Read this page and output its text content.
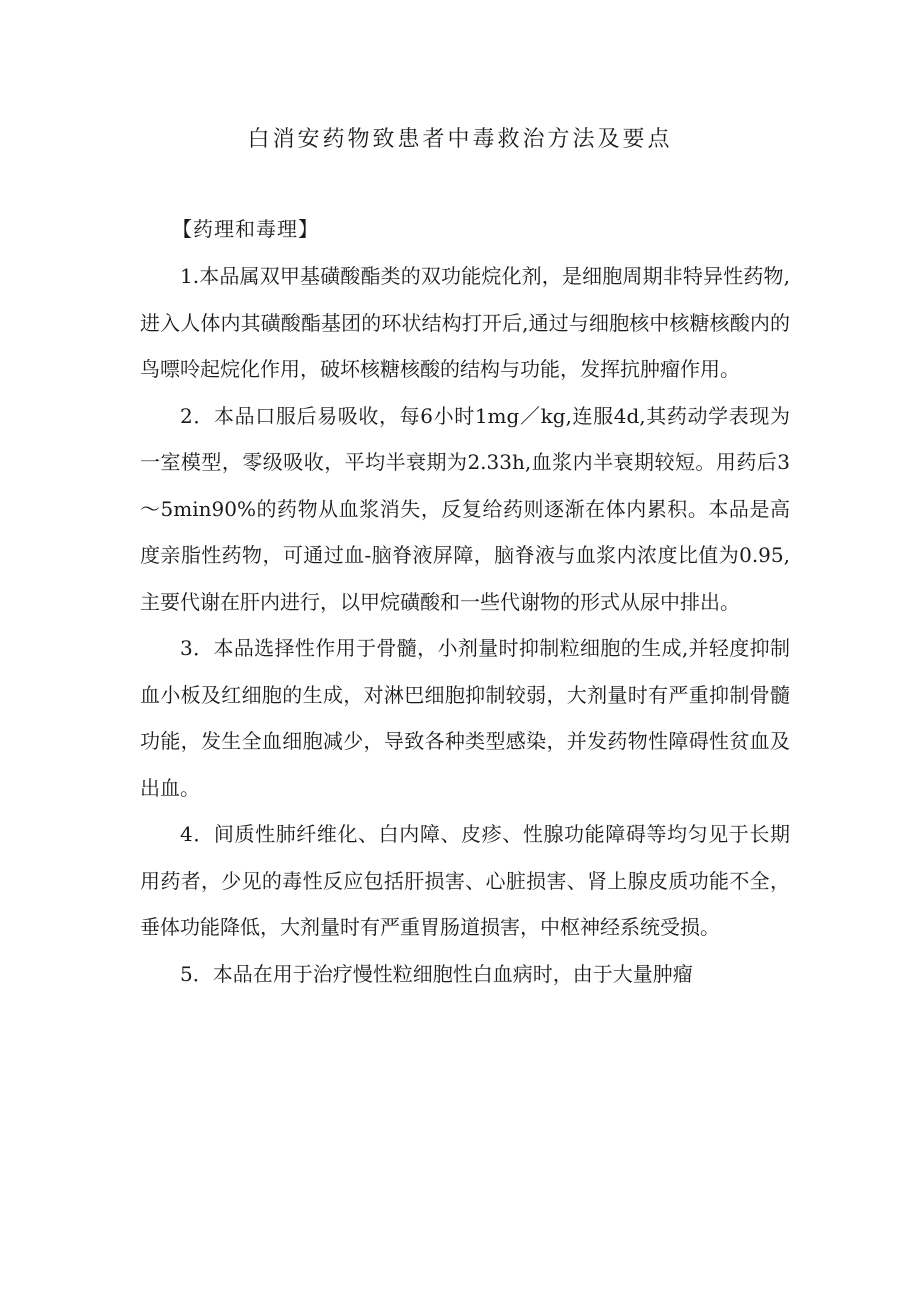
白消安药物致患者中毒救治方法及要点
【药理和毒理】

1.本品属双甲基磺酸酯类的双功能烷化剂，是细胞周期非特异性药物,进入人体内其磺酸酯基团的环状结构打开后,通过与细胞核中核糖核酸内的鸟嘌呤起烷化作用，破坏核糖核酸的结构与功能，发挥抗肿瘤作用。

2．本品口服后易吸收，每6小时1mg／kg,连服4d,其药动学表现为一室模型，零级吸收，平均半衰期为2.33h,血浆内半衰期较短。用药后3～5min90%的药物从血浆消失，反复给药则逐渐在体内累积。本品是高度亲脂性药物，可通过血-脑脊液屏障，脑脊液与血浆内浓度比值为0.95,主要代谢在肝内进行，以甲烷磺酸和一些代谢物的形式从尿中排出。

3．本品选择性作用于骨髓，小剂量时抑制粒细胞的生成,并轻度抑制血小板及红细胞的生成，对淋巴细胞抑制较弱，大剂量时有严重抑制骨髓功能，发生全血细胞减少，导致各种类型感染，并发药物性障碍性贫血及出血。

4．间质性肺纤维化、白内障、皮疹、性腺功能障碍等均匀见于长期用药者，少见的毒性反应包括肝损害、心脏损害、肾上腺皮质功能不全，垂体功能降低，大剂量时有严重胃肠道损害，中枢神经系统受损。

5．本品在用于治疗慢性粒细胞性白血病时，由于大量肿瘤
